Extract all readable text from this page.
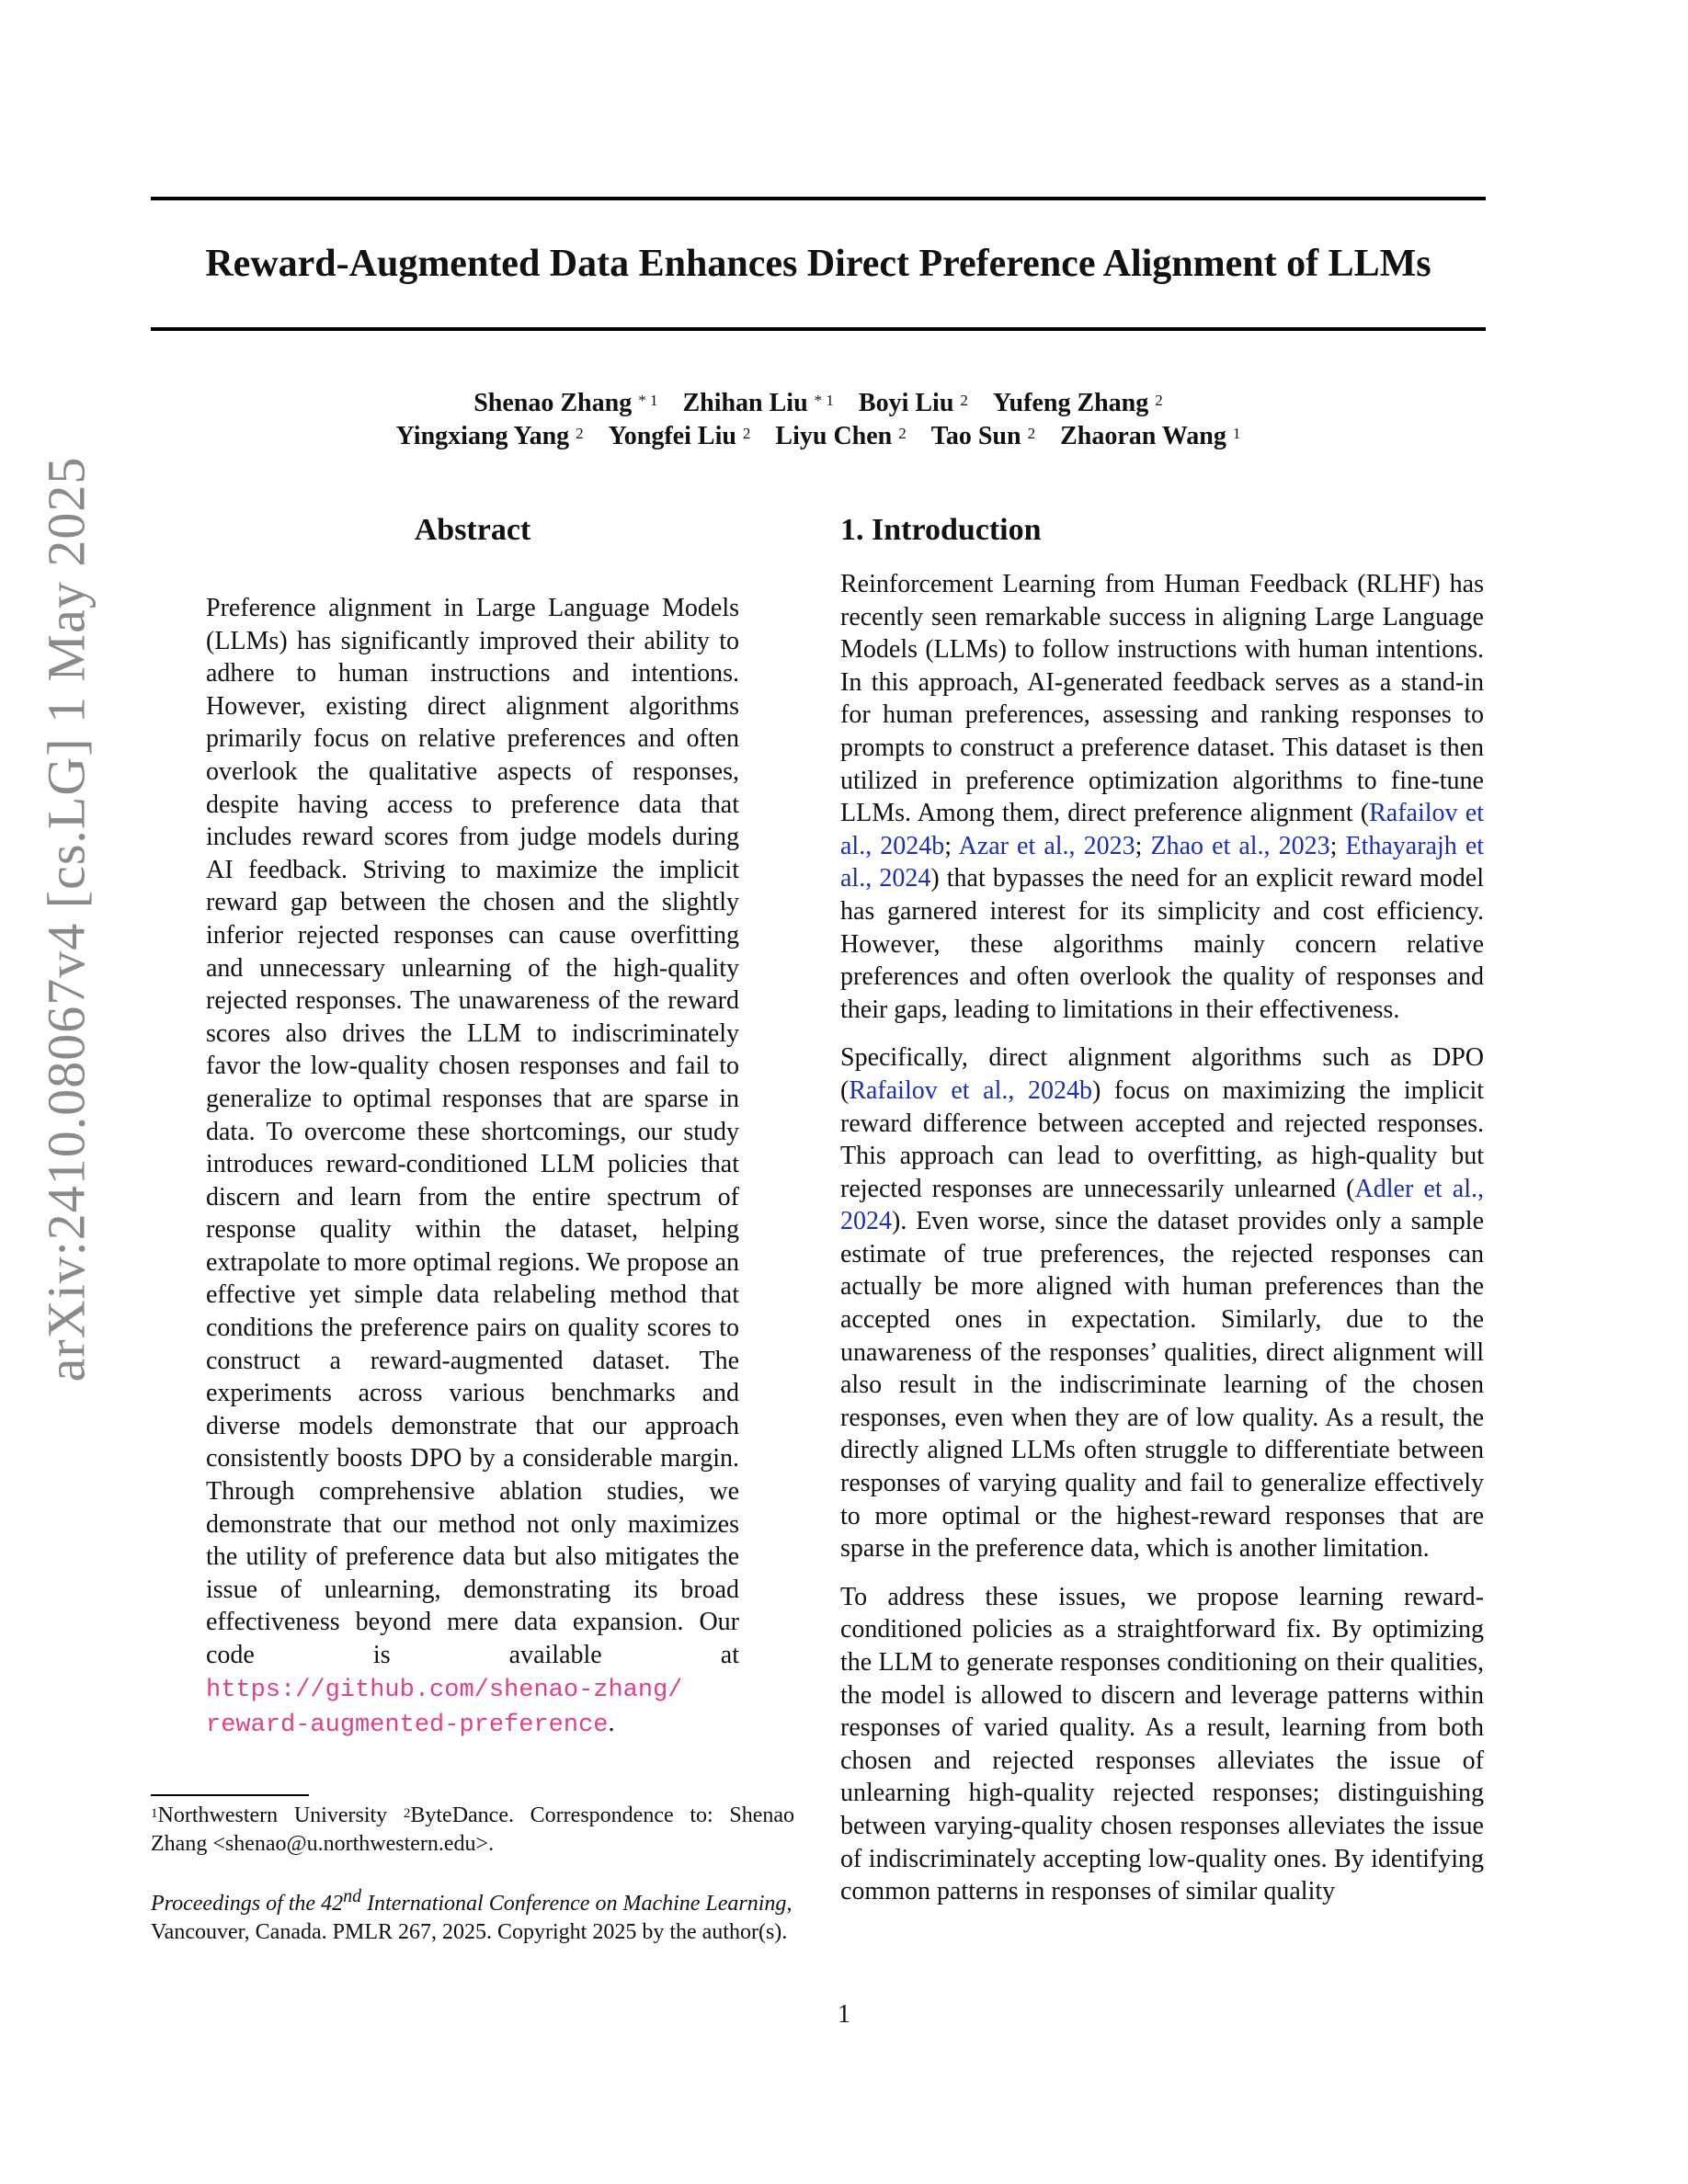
Reward-Augmented Data Enhances Direct Preference Alignment of LLMs
Shenao Zhang $^{* 1}$ Zhihan Liu $^{* 1}$ Boyi Liu $^2$ Yufeng Zhang $^2$
Yingxiang Yang $^2$ Yongfei Liu $^2$ Liyu Chen $^2$ Tao Sun $^2$ Zhaoran Wang $^1$
arXiv:2410.08067v4 [cs.LG] 1 May 2025	Abstract
Preference alignment in Large Language Models (LLMs) has significantly improved their ability to adhere to human instructions and intentions. However, existing direct alignment algorithms primarily focus on relative preferences and often overlook the qualitative aspects of responses, despite having access to preference data that includes reward scores from judge models during AI feedback. Striving to maximize the implicit reward gap between the chosen and the slightly inferior rejected responses can cause overfitting and unnecessary unlearning of the high-quality rejected responses. The unawareness of the reward scores also drives the LLM to indiscriminately favor the low-quality chosen responses and fail to generalize to optimal responses that are sparse in data. To overcome these shortcomings, our study introduces reward-conditioned LLM policies that discern and learn from the entire spectrum of response quality within the dataset, helping extrapolate to more optimal regions. We propose an effective yet simple data relabeling method that conditions the preference pairs on quality scores to construct a reward-augmented dataset. The experiments across various benchmarks and diverse models demonstrate that our approach consistently boosts DPO by a considerable margin. Through comprehensive ablation studies, we demonstrate that our method not only maximizes the utility of preference data but also mitigates the issue of unlearning, demonstrating its broad effectiveness beyond mere data expansion. Our code is available at https://github.com/shenao-zhang/
reward-augmented-preference.
$^1$Northwestern University $^2$ByteDance. Correspondence to: Shenao Zhang <shenao@u.northwestern.edu>.
Proceedings of the 42nd International Conference on Machine Learning, Vancouver, Canada. PMLR 267, 2025. Copyright 2025 by the author(s).
1. Introduction

Reinforcement Learning from Human Feedback (RLHF) has recently seen remarkable success in aligning Large Language Models (LLMs) to follow instructions with human intentions. In this approach, AI-generated feedback serves as a stand-in for human preferences, assessing and ranking responses to prompts to construct a preference dataset. This dataset is then utilized in preference optimization algorithms to fine-tune LLMs. Among them, direct preference alignment (Rafailov et al., 2024b; Azar et al., 2023; Zhao et al., 2023; Ethayarajh et al., 2024) that bypasses the need for an explicit reward model has garnered interest for its simplicity and cost efficiency. However, these algorithms mainly concern relative preferences and often overlook the quality of responses and their gaps, leading to limitations in their effectiveness.

Specifically, direct alignment algorithms such as DPO (Rafailov et al., 2024b) focus on maximizing the implicit reward difference between accepted and rejected responses. This approach can lead to overfitting, as high-quality but rejected responses are unnecessarily unlearned (Adler et al., 2024). Even worse, since the dataset provides only a sample estimate of true preferences, the rejected responses can actually be more aligned with human preferences than the accepted ones in expectation. Similarly, due to the unawareness of the responses’ qualities, direct alignment will also result in the indiscriminate learning of the chosen responses, even when they are of low quality. As a result, the directly aligned LLMs often struggle to differentiate between responses of varying quality and fail to generalize effectively to more optimal or the highest-reward responses that are sparse in the preference data, which is another limitation.

To address these issues, we propose learning reward-conditioned policies as a straightforward fix. By optimizing the LLM to generate responses conditioning on their qualities, the model is allowed to discern and leverage patterns within responses of varied quality. As a result, learning from both chosen and rejected responses alleviates the issue of unlearning high-quality rejected responses; distinguishing between varying-quality chosen responses alleviates the issue of indiscriminately accepting low-quality ones. By identifying common patterns in responses of similar quality

1
